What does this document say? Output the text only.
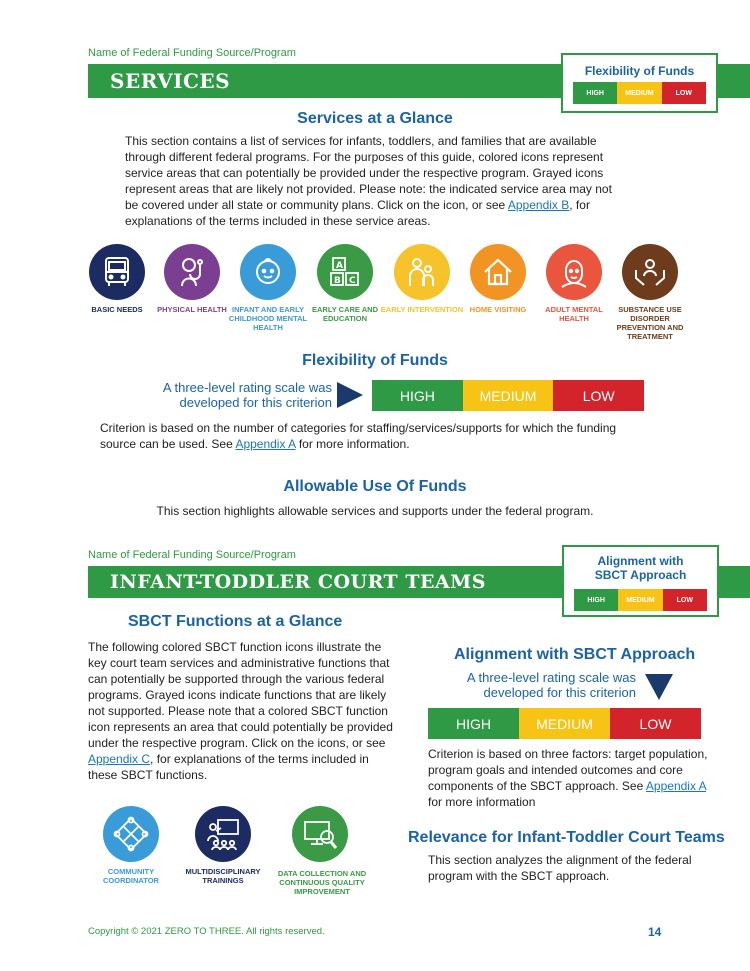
Name of Federal Funding Source/Program
SERVICES	Flexibility of Funds
HIGH	MEDIUM	LOW
Services at a Glance
This section contains a list of services for infants, toddlers, and families that are available through different federal programs. For the purposes of this guide, colored icons represent service areas that can potentially be provided under the respective program. Grayed icons represent areas that are likely not provided. Please note: the indicated service area may not be covered under all state or community plans. Click on the icon, or see Appendix B, for explanations of the terms included in these service areas.
A
B C
BASIC NEEDS	PHYSICAL HEALTH INFANT AND EARLY CHILDHOOD MENTAL HEALTH
EARLY CARE AND EDUCATION
EARLY INTERVENTION HOME VISITING	ADULT MENTAL HEALTH
SUBSTANCE USE DISORDER PREVENTION AND TREATMENT
Flexibility of Funds
A three-level rating scale was developed for this criterion	HIGH	MEDIUM	LOW
Criterion is based on the number of categories for staffing/services/supports for which the funding source can be used. See Appendix A for more information.
Allowable Use Of Funds
This section highlights allowable services and supports under the federal program.
Name of Federal Funding Source/Program
INFANT-TODDLER COURT TEAMS
Alignment with SBCT Approach
HIGH	MEDIUM	LOW
SBCT Functions at a Glance
The following colored SBCT function icons illustrate the key court team services and administrative functions that can potentially be supported through the various federal programs. Grayed icons indicate functions that are likely not supported. Please note that a colored SBCT function icon represents an area that could potentially be provided under the respective program. Click on the icons, or see Appendix C, for explanations of the terms included in these SBCT functions.
COMMUNITY COORDINATOR
MULTIDISCIPLINARY TRAININGS
DATA COLLECTION AND CONTINUOUS QUALITY IMPROVEMENT
Alignment with SBCT Approach
A three-level rating scale was developed for this criterion
HIGH	MEDIUM	LOW
Criterion is based on three factors: target population, program goals and intended outcomes and core components of the SBCT approach. See Appendix A for more information
Relevance for Infant-Toddler Court Teams
This section analyzes the alignment of the federal program with the SBCT approach.
Copyright © 2021 ZERO TO THREE. All rights reserved.	14
